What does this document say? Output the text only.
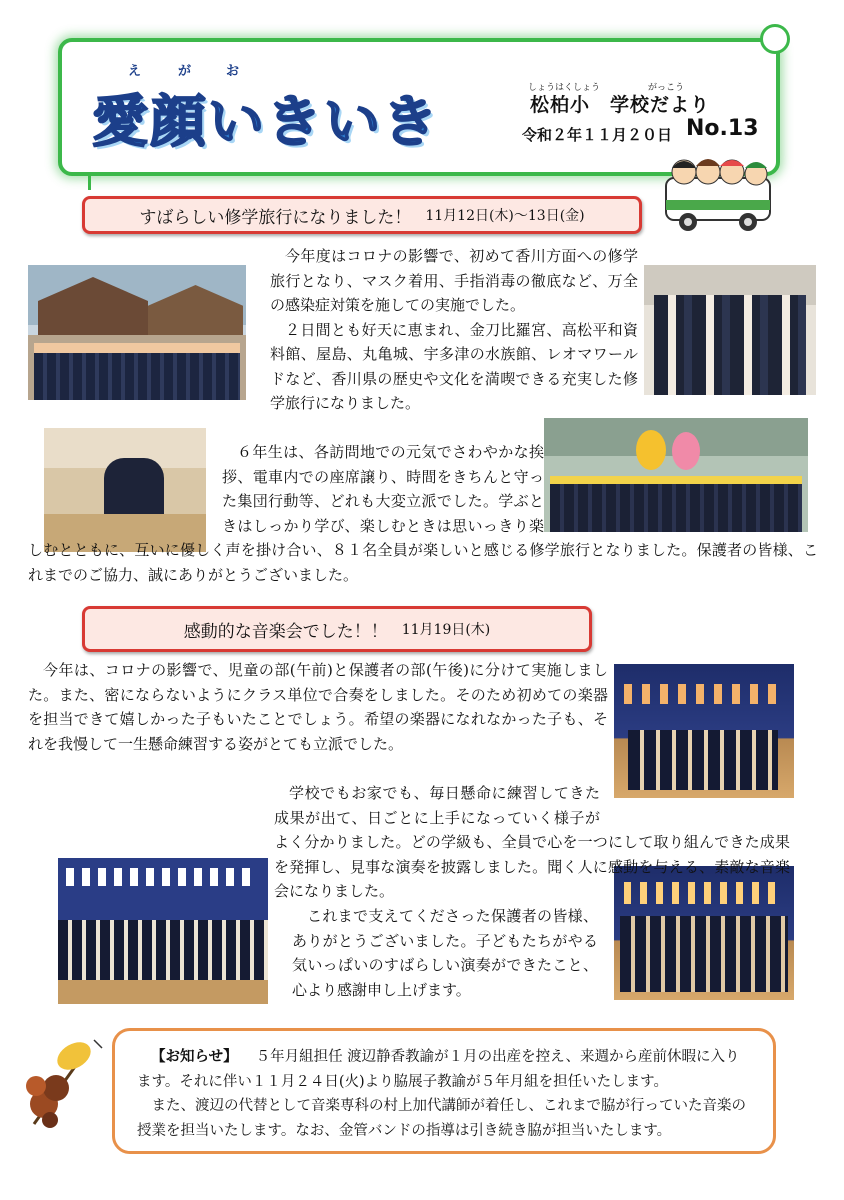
え	が	お
愛顔いきいき
しょうはくしょう	がっこう
松柏小　学校だより
令和２年１１月２０日 No.13
すばらしい修学旅行になりました！ 11月12日(木)〜13日(金)

今年度はコロナの影響で、初めて香川方面への修学旅行となり、マスク着用、手指消毒の徹底など、万全の感染症対策を施しての実施でした。

２日間とも好天に恵まれ、金刀比羅宮、高松平和資料館、屋島、丸亀城、宇多津の水族館、レオマワールドなど、香川県の歴史や文化を満喫できる充実した修学旅行になりました。

６年生は、各訪問地での元気でさわやかな挨拶、電車内での座席譲り、時間をきちんと守った集団行動等、どれも大変立派でした。学ぶときはしっかり学び、楽しむときは思いっきり楽しむとともに、互いに優しく声を掛け合い、８１名全員が楽しいと感じる修学旅行となりました。保護者の皆様、これまでのご協力、誠にありがとうございました。

感動的な音楽会でした！！ 11月19日(木)

今年は、コロナの影響で、児童の部(午前)と保護者の部(午後)に分けて実施しました。また、密にならないようにクラス単位で合奏をしました。そのため初めての楽器を担当できて嬉しかった子もいたことでしょう。希望の楽器になれなかった子も、それを我慢して一生懸命練習する姿がとても立派でした。

学校でもお家でも、毎日懸命に練習してきた成果が出て、日ごとに上手になっていく様子がよく分かりました。どの学級も、全員で心を一つにして取り組んできた成果を発揮し、見事な演奏を披露しました。聞く人に感動を与える、素敵な音楽会になりました。

これまで支えてくださった保護者の皆様、ありがとうございました。子どもたちがやる気いっぱいのすばらしい演奏ができたこと、心より感謝申し上げます。

【お知らせ】 ５年月組担任 渡辺静香教諭が１月の出産を控え、来週から産前休暇に入ります。それに伴い１１月２４日(火)より脇展子教諭が５年月組を担任いたします。

また、渡辺の代替として音楽専科の村上加代講師が着任し、これまで脇が行っていた音楽の授業を担当いたします。なお、金管バンドの指導は引き続き脇が担当いたします。
